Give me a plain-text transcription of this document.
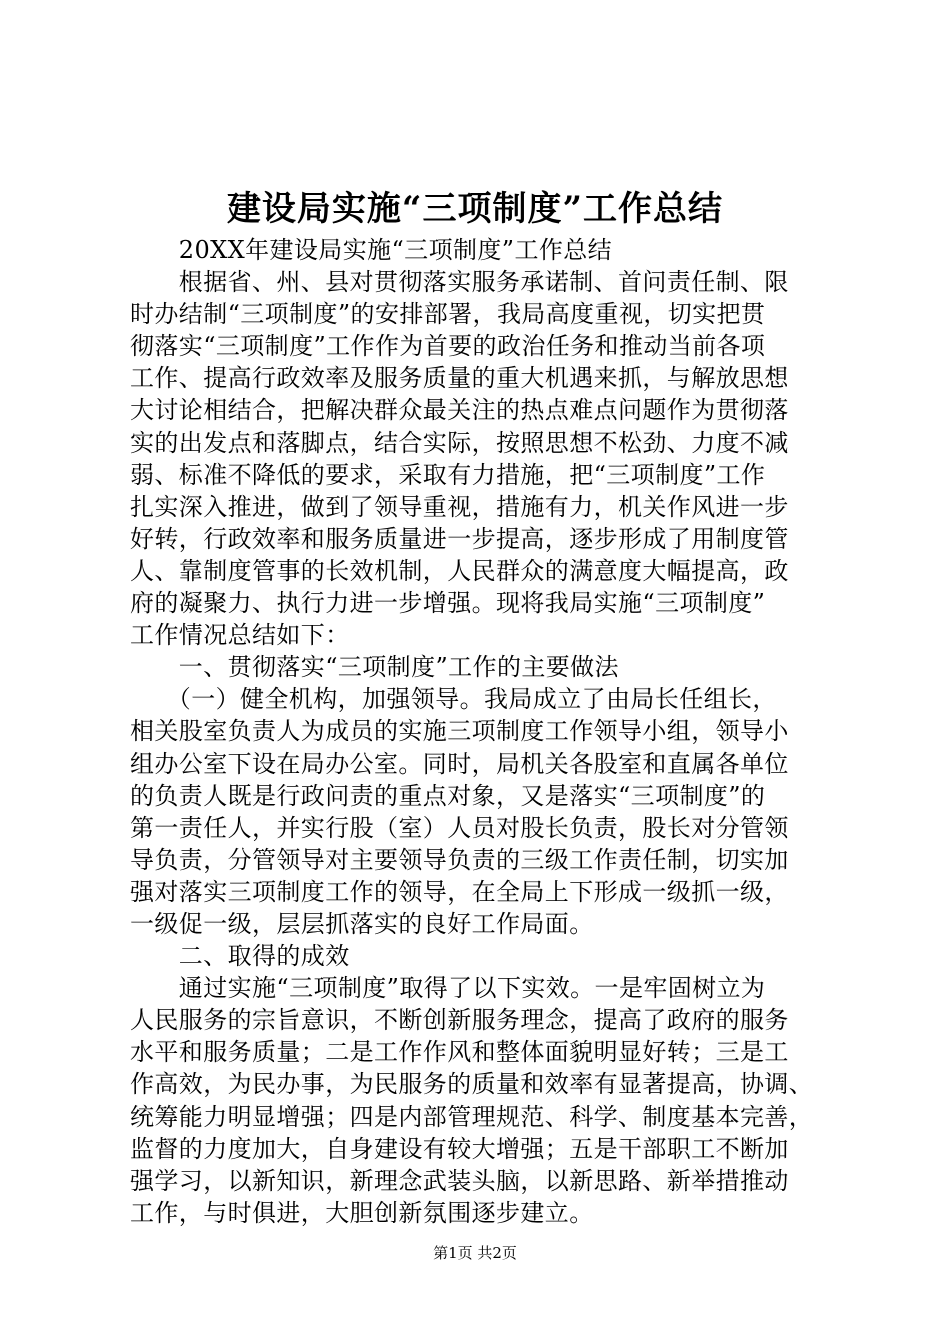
建设局实施“三项制度”工作总结
　　20XX年建设局实施“三项制度”工作总结
　　根据省、州、县对贯彻落实服务承诺制、首问责任制、限
时办结制“三项制度”的安排部署，我局高度重视，切实把贯
彻落实“三项制度”工作作为首要的政治任务和推动当前各项
工作、提高行政效率及服务质量的重大机遇来抓，与解放思想
大讨论相结合，把解决群众最关注的热点难点问题作为贯彻落
实的出发点和落脚点，结合实际，按照思想不松劲、力度不减
弱、标准不降低的要求，采取有力措施，把“三项制度”工作
扎实深入推进，做到了领导重视，措施有力，机关作风进一步
好转，行政效率和服务质量进一步提高，逐步形成了用制度管
人、靠制度管事的长效机制，人民群众的满意度大幅提高，政
府的凝聚力、执行力进一步增强。现将我局实施“三项制度”
工作情况总结如下：
　　一、贯彻落实“三项制度”工作的主要做法
　　（一）健全机构，加强领导。我局成立了由局长任组长，
相关股室负责人为成员的实施三项制度工作领导小组，领导小
组办公室下设在局办公室。同时，局机关各股室和直属各单位
的负责人既是行政问责的重点对象，又是落实“三项制度”的
第一责任人，并实行股（室）人员对股长负责，股长对分管领
导负责，分管领导对主要领导负责的三级工作责任制，切实加
强对落实三项制度工作的领导，在全局上下形成一级抓一级，
一级促一级，层层抓落实的良好工作局面。
　　二、取得的成效
　　通过实施“三项制度”取得了以下实效。一是牢固树立为
人民服务的宗旨意识，不断创新服务理念，提高了政府的服务
水平和服务质量；二是工作作风和整体面貌明显好转；三是工
作高效，为民办事，为民服务的质量和效率有显著提高，协调、
统筹能力明显增强；四是内部管理规范、科学、制度基本完善，
监督的力度加大，自身建设有较大增强；五是干部职工不断加
强学习，以新知识，新理念武装头脑，以新思路、新举措推动
工作，与时俱进，大胆创新氛围逐步建立。
第1页 共2页
